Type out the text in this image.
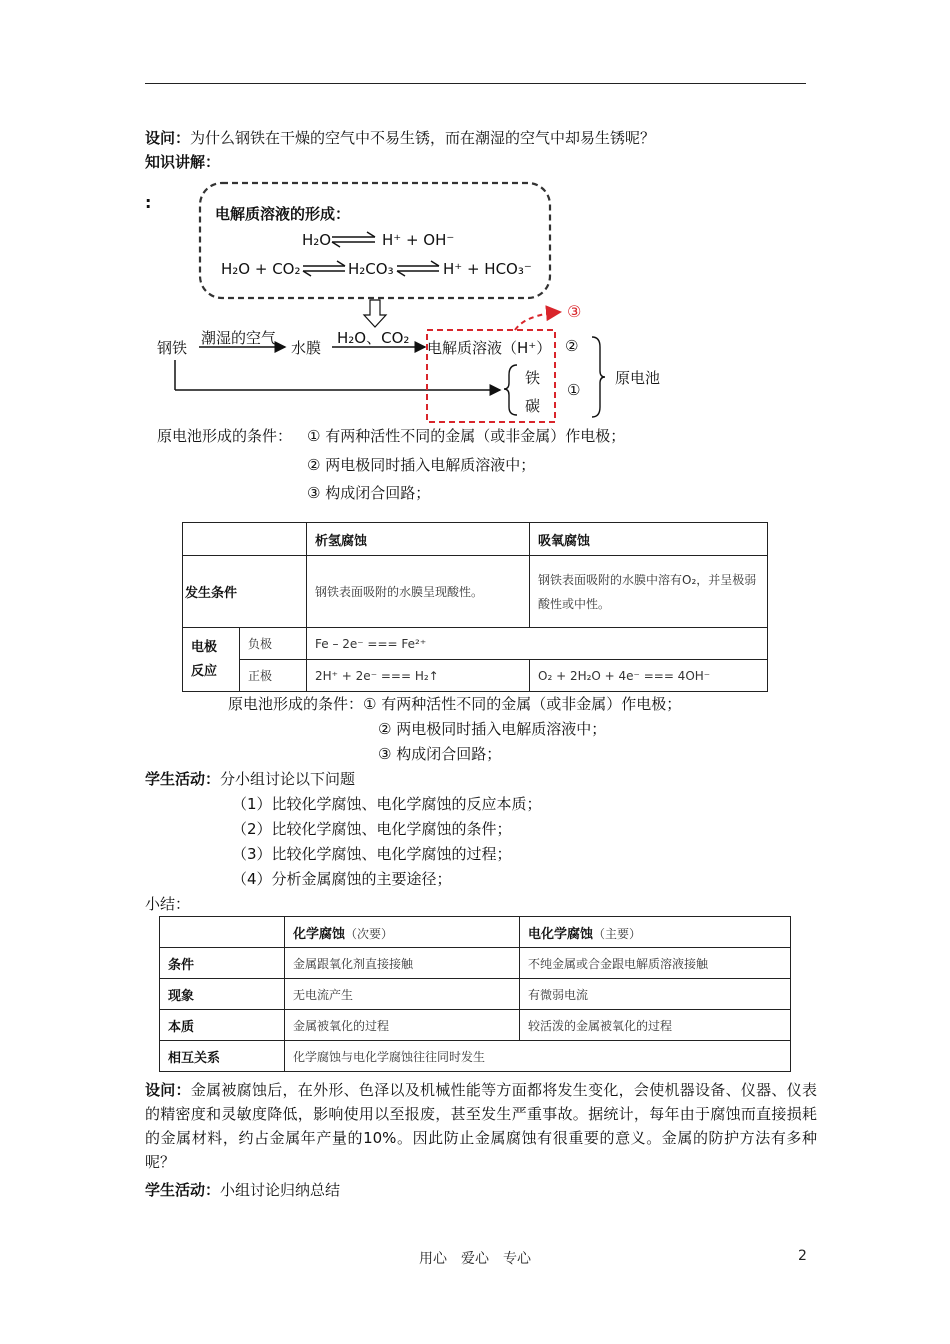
设问：为什么钢铁在干燥的空气中不易生锈，而在潮湿的空气中却易生锈呢？
知识讲解：
:
电解质溶液的形成：
H₂O	H⁺ + OH⁻
H₂O + CO₂	H₂CO₃	H⁺ + HCO₃⁻
③
钢铁
潮湿的空气
水膜
H₂O、CO₂
电解质溶液（H⁺） ②
原电池
铁
碳
①
原电池形成的条件： ① 有两种活性不同的金属（或非金属）作电极；
② 两电极同时插入电解质溶液中；
③ 构成闭合回路；
		析氢腐蚀	吸氧腐蚀
发生条件		钢铁表面吸附的水膜呈现酸性。	钢铁表面吸附的水膜中溶有O₂，并呈极弱酸性或中性。
电极
反应	负极	Fe – 2e⁻ === Fe²⁺	
	正极	2H⁺ + 2e⁻ === H₂↑	O₂ + 2H₂O + 4e⁻ === 4OH⁻
原电池形成的条件：① 有两种活性不同的金属（或非金属）作电极；
② 两电极同时插入电解质溶液中；
③ 构成闭合回路；
学生活动：分小组讨论以下问题
（1）比较化学腐蚀、电化学腐蚀的反应本质；
（2）比较化学腐蚀、电化学腐蚀的条件；
（3）比较化学腐蚀、电化学腐蚀的过程；
（4）分析金属腐蚀的主要途径；
小结：
	化学腐蚀（次要）	电化学腐蚀（主要）
条件	金属跟氧化剂直接接触	不纯金属或合金跟电解质溶液接触
现象	无电流产生	有微弱电流
本质	金属被氧化的过程	较活泼的金属被氧化的过程
相互关系	化学腐蚀与电化学腐蚀往往同时发生	
设问：金属被腐蚀后，在外形、色泽以及机械性能等方面都将发生变化，会使机器设备、仪器、仪表的精密度和灵敏度降低，影响使用以至报废，甚至发生严重事故。据统计，每年由于腐蚀而直接损耗的金属材料，约占金属年产量的10%。因此防止金属腐蚀有很重要的意义。金属的防护方法有多种呢？
学生活动：小组讨论归纳总结
用心　爱心　专心	2
